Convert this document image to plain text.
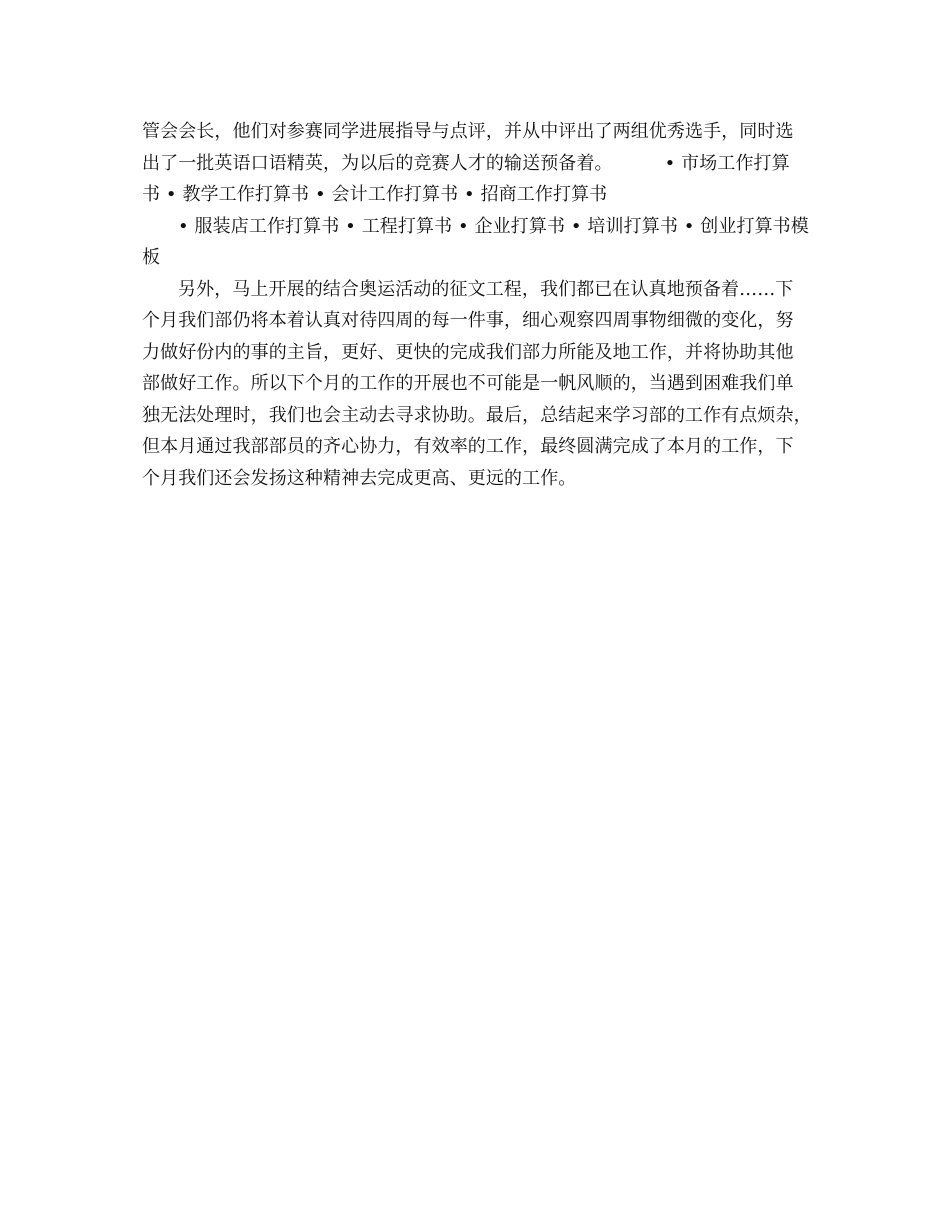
管会会长，他们对参赛同学进展指导与点评，并从中评出了两组优秀选手，同时选
出了一批英语口语精英，为以后的竞赛人才的输送预备着。	• 市场工作打算
书 • 教学工作打算书 • 会计工作打算书 • 招商工作打算书
• 服装店工作打算书 • 工程打算书 • 企业打算书 • 培训打算书 • 创业打算书模
板
另外，马上开展的结合奥运活动的征文工程，我们都已在认真地预备着……下
个月我们部仍将本着认真对待四周的每一件事，细心观察四周事物细微的变化，努
力做好份内的事的主旨，更好、更快的完成我们部力所能及地工作，并将协助其他
部做好工作。所以下个月的工作的开展也不可能是一帆风顺的，当遇到困难我们单
独无法处理时，我们也会主动去寻求协助。最后，总结起来学习部的工作有点烦杂，
但本月通过我部部员的齐心协力，有效率的工作，最终圆满完成了本月的工作，下
个月我们还会发扬这种精神去完成更高、更远的工作。
